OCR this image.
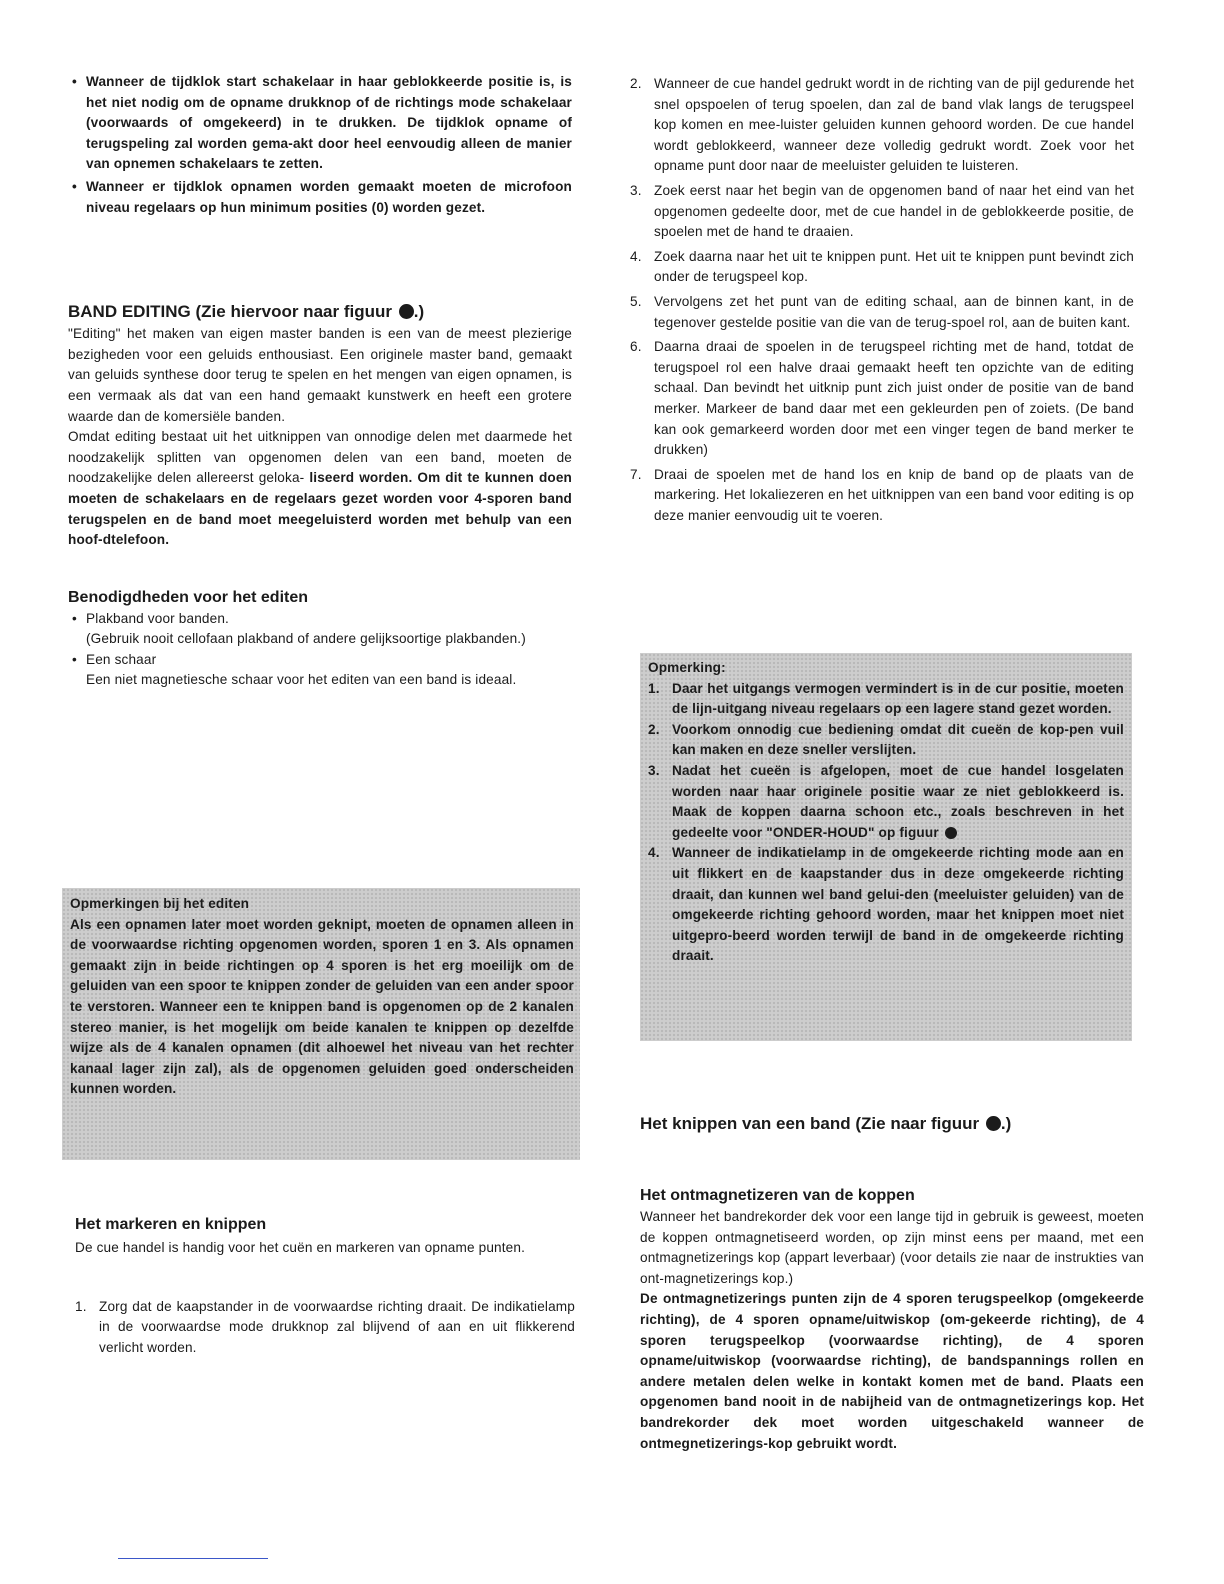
• Wanneer de tijdklok start schakelaar in haar geblokkeerde positie is, is het niet nodig om de opname drukknop of de richtings mode schakelaar (voorwaards of omgekeerd) in te drukken. De tijdklok opname of terugspeling zal worden gema-akt door heel eenvoudig alleen de manier van opnemen schakelaars te zetten.
• Wanneer er tijdklok opnamen worden gemaakt moeten de microfoon niveau regelaars op hun minimum posities (0) worden gezet.
BAND EDITING (Zie hiervoor naar figuur .)

"Editing" het maken van eigen master banden is een van de meest plezierige bezigheden voor een geluids enthousiast. Een originele master band, gemaakt van geluids synthese door terug te spelen en het mengen van eigen opnamen, is een vermaak als dat van een hand gemaakt kunstwerk en heeft een grotere waarde dan de komersiële banden.

Omdat editing bestaat uit het uitknippen van onnodige delen met daarmede het noodzakelijk splitten van opgenomen delen van een band, moeten de noodzakelijke delen allereerst geloka- liseerd worden. Om dit te kunnen doen moeten de schakelaars en de regelaars gezet worden voor 4-sporen band terugspelen en de band moet meegeluisterd worden met behulp van een hoof-dtelefoon.

Benodigdheden voor het editen
• Plakband voor banden.
(Gebruik nooit cellofaan plakband of andere gelijksoortige plakbanden.)
• Een schaar
Een niet magnetiesche schaar voor het editen van een band is ideaal.
Opmerkingen bij het editen

Als een opnamen later moet worden geknipt, moeten de opnamen alleen in de voorwaardse richting opgenomen worden, sporen 1 en 3. Als opnamen gemaakt zijn in beide richtingen op 4 sporen is het erg moeilijk om de geluiden van een spoor te knippen zonder de geluiden van een ander spoor te verstoren. Wanneer een te knippen band is opgenomen op de 2 kanalen stereo manier, is het mogelijk om beide kanalen te knippen op dezelfde wijze als de 4 kanalen opnamen (dit alhoewel het niveau van het rechter kanaal lager zijn zal), als de opgenomen geluiden goed onderscheiden kunnen worden.

Het markeren en knippen

De cue handel is handig voor het cuën en markeren van opname punten.

1. Zorg dat de kaapstander in de voorwaardse richting draait. De indikatielamp in de voorwaardse mode drukknop zal blijvend of aan en uit flikkerend verlicht worden.
2. Wanneer de cue handel gedrukt wordt in de richting van de pijl gedurende het snel opspoelen of terug spoelen, dan zal de band vlak langs de terugspeel kop komen en mee-luister geluiden kunnen gehoord worden. De cue handel wordt geblokkeerd, wanneer deze volledig gedrukt wordt. Zoek voor het opname punt door naar de meeluister geluiden te luisteren.
3. Zoek eerst naar het begin van de opgenomen band of naar het eind van het opgenomen gedeelte door, met de cue handel in de geblokkeerde positie, de spoelen met de hand te draaien.
4. Zoek daarna naar het uit te knippen punt. Het uit te knippen punt bevindt zich onder de terugspeel kop.
5. Vervolgens zet het punt van de editing schaal, aan de binnen kant, in de tegenover gestelde positie van die van de terug-spoel rol, aan de buiten kant.
6. Daarna draai de spoelen in de terugspeel richting met de hand, totdat de terugspoel rol een halve draai gemaakt heeft ten opzichte van de editing schaal. Dan bevindt het uitknip punt zich juist onder de positie van de band merker. Markeer de band daar met een gekleurden pen of zoiets. (De band kan ook gemarkeerd worden door met een vinger tegen de band merker te drukken)
7. Draai de spoelen met de hand los en knip de band op de plaats van de markering. Het lokaliezeren en het uitknippen van een band voor editing is op deze manier eenvoudig uit te voeren.
Opmerking:
1. Daar het uitgangs vermogen vermindert is in de cur positie, moeten de lijn-uitgang niveau regelaars op een lagere stand gezet worden.
2. Voorkom onnodig cue bediening omdat dit cueën de kop-pen vuil kan maken en deze sneller verslijten.
3. Nadat het cueën is afgelopen, moet de cue handel losgelaten worden naar haar originele positie waar ze niet geblokkeerd is. Maak de koppen daarna schoon etc., zoals beschreven in het gedeelte voor "ONDER-HOUD" op figuur
4. Wanneer de indikatielamp in de omgekeerde richting mode aan en uit flikkert en de kaapstander dus in deze omgekeerde richting draait, dan kunnen wel band gelui-den (meeluister geluiden) van de omgekeerde richting gehoord worden, maar het knippen moet niet uitgepro-beerd worden terwijl de band in de omgekeerde richting draait.
Het knippen van een band (Zie naar figuur .)
Het ontmagnetizeren van de koppen

Wanneer het bandrekorder dek voor een lange tijd in gebruik is geweest, moeten de koppen ontmagnetiseerd worden, op zijn minst eens per maand, met een ontmagnetizerings kop (appart leverbaar) (voor details zie naar de instrukties van ont-magnetizerings kop.)

De ontmagnetizerings punten zijn de 4 sporen terugspeelkop (omgekeerde richting), de 4 sporen opname/uitwiskop (om-gekeerde richting), de 4 sporen terugspeelkop (voorwaardse richting), de 4 sporen opname/uitwiskop (voorwaardse richting), de bandspannings rollen en andere metalen delen welke in kontakt komen met de band. Plaats een opgenomen band nooit in de nabijheid van de ontmagnetizerings kop. Het bandrekorder dek moet worden uitgeschakeld wanneer de ontmegnetizerings-kop gebruikt wordt.
